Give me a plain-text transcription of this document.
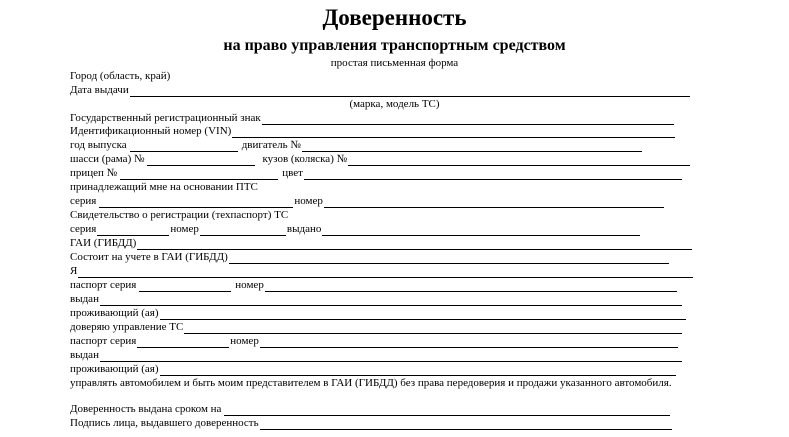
Доверенность
на право управления транспортным средством
простая письменная форма
Город (область, край)
Дата выдачи
(марка, модель ТС)
Государственный регистрационный знак
Идентификационный номер (VIN)
год выпуска	двигатель №
шасси (рама) №	кузов (коляска) №
прицеп №	цвет
принадлежащий мне на основании ПТС
серия	номер
Свидетельство о регистрации (техпаспорт) ТС
серия	номер	выдано
ГАИ (ГИБДД)
Состоит на учете в ГАИ (ГИБДД)
Я
паспорт серия	номер
выдан
проживающий (ая)
доверяю управление ТС
паспорт серия	номер
выдан
проживающий (ая)
управлять автомобилем и быть моим представителем в ГАИ (ГИБДД) без права передоверия и продажи указанного автомобиля.
Доверенность выдана сроком на
Подпись лица, выдавшего доверенность
